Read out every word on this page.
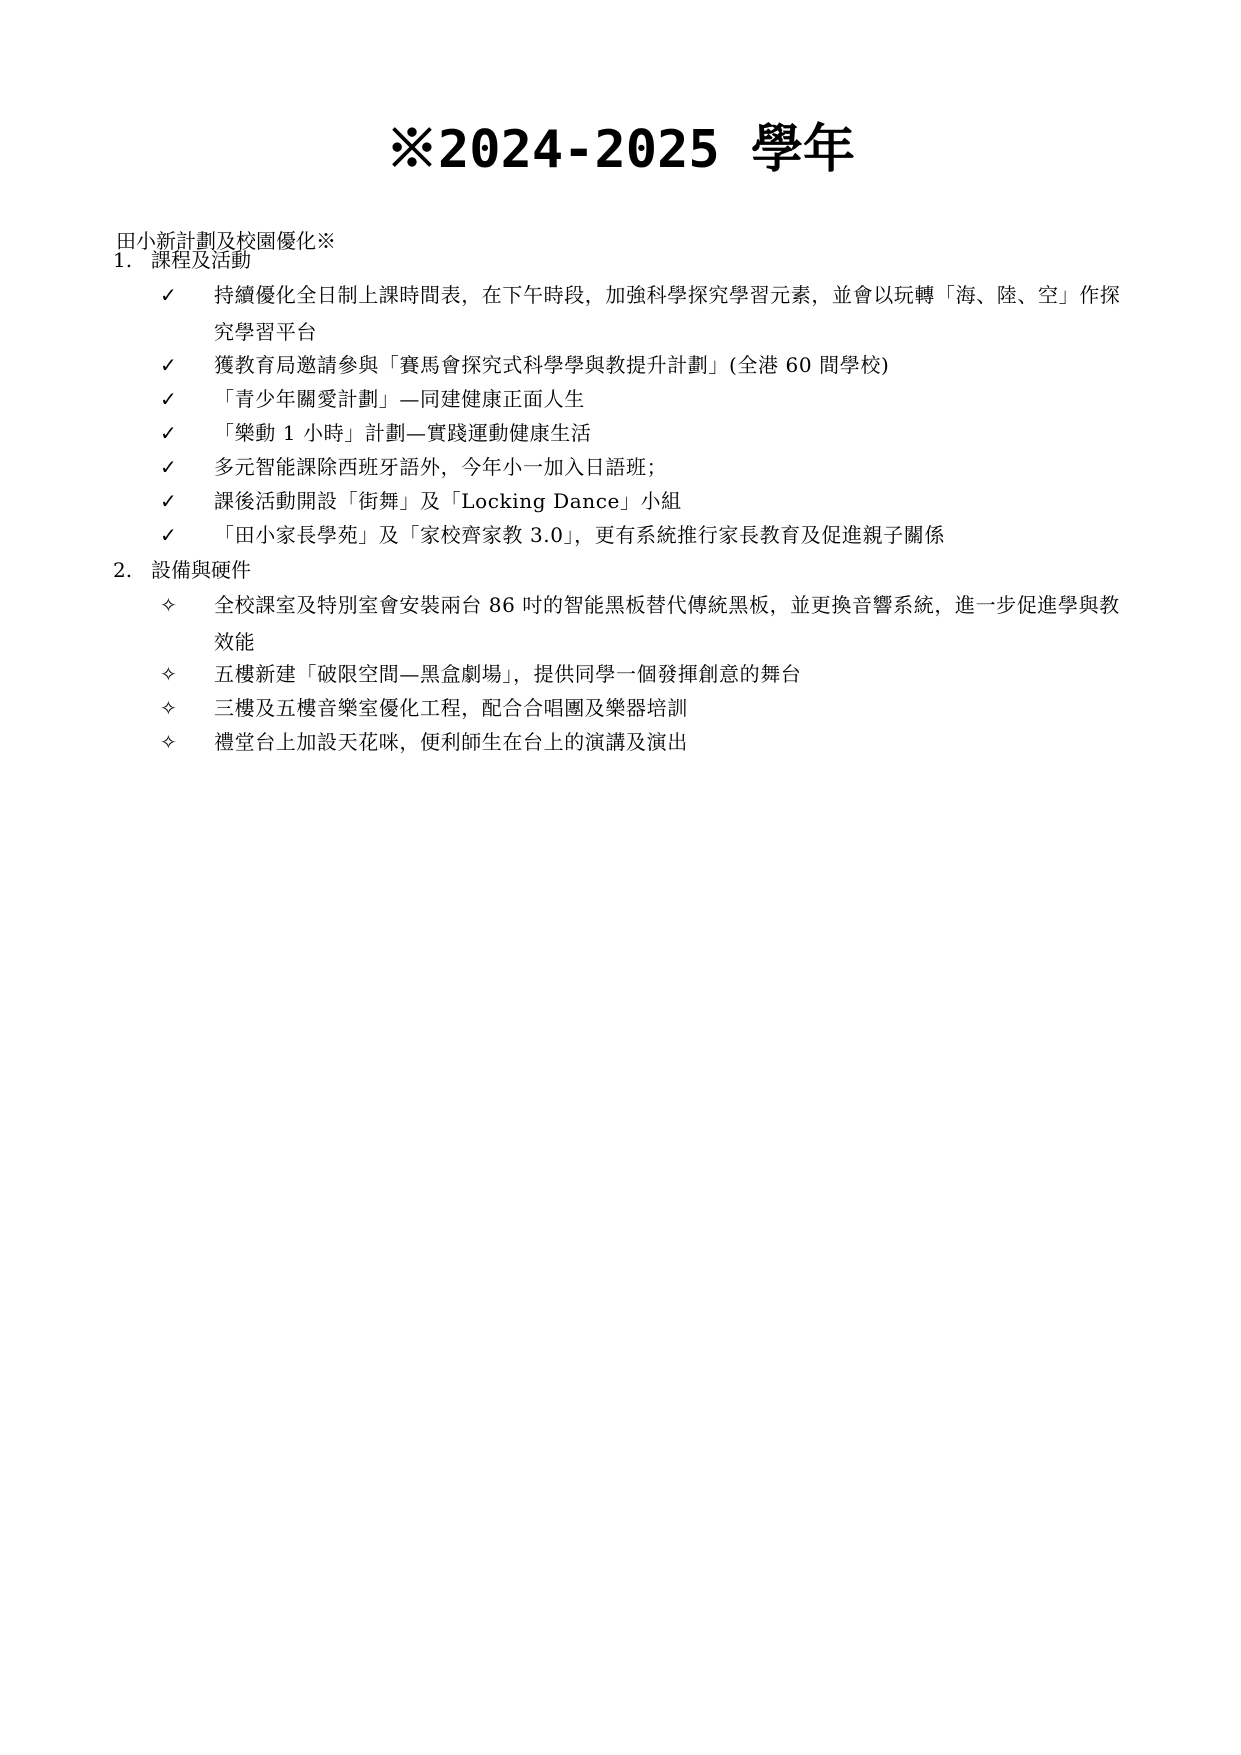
※2024-2025 學年
田小新計劃及校園優化※
1. 課程及活動
✓	持續優化全日制上課時間表，在下午時段，加強科學探究學習元素，並會以玩轉「海、陸、空」作探究學習平台
✓	獲教育局邀請參與「賽馬會探究式科學學與教提升計劃」(全港 60 間學校)
✓	「青少年關愛計劃」—同建健康正面人生
✓	「樂動 1 小時」計劃—實踐運動健康生活
✓	多元智能課除西班牙語外，今年小一加入日語班；
✓	課後活動開設「街舞」及「Locking Dance」小組
✓	「田小家長學苑」及「家校齊家教 3.0」，更有系統推行家長教育及促進親子關係
2. 設備與硬件
✧	全校課室及特別室會安裝兩台 86 吋的智能黑板替代傳統黑板，並更換音響系統，進一步促進學與教效能
✧	五樓新建「破限空間—黑盒劇場」，提供同學一個發揮創意的舞台
✧	三樓及五樓音樂室優化工程，配合合唱團及樂器培訓
✧	禮堂台上加設天花咪，便利師生在台上的演講及演出
